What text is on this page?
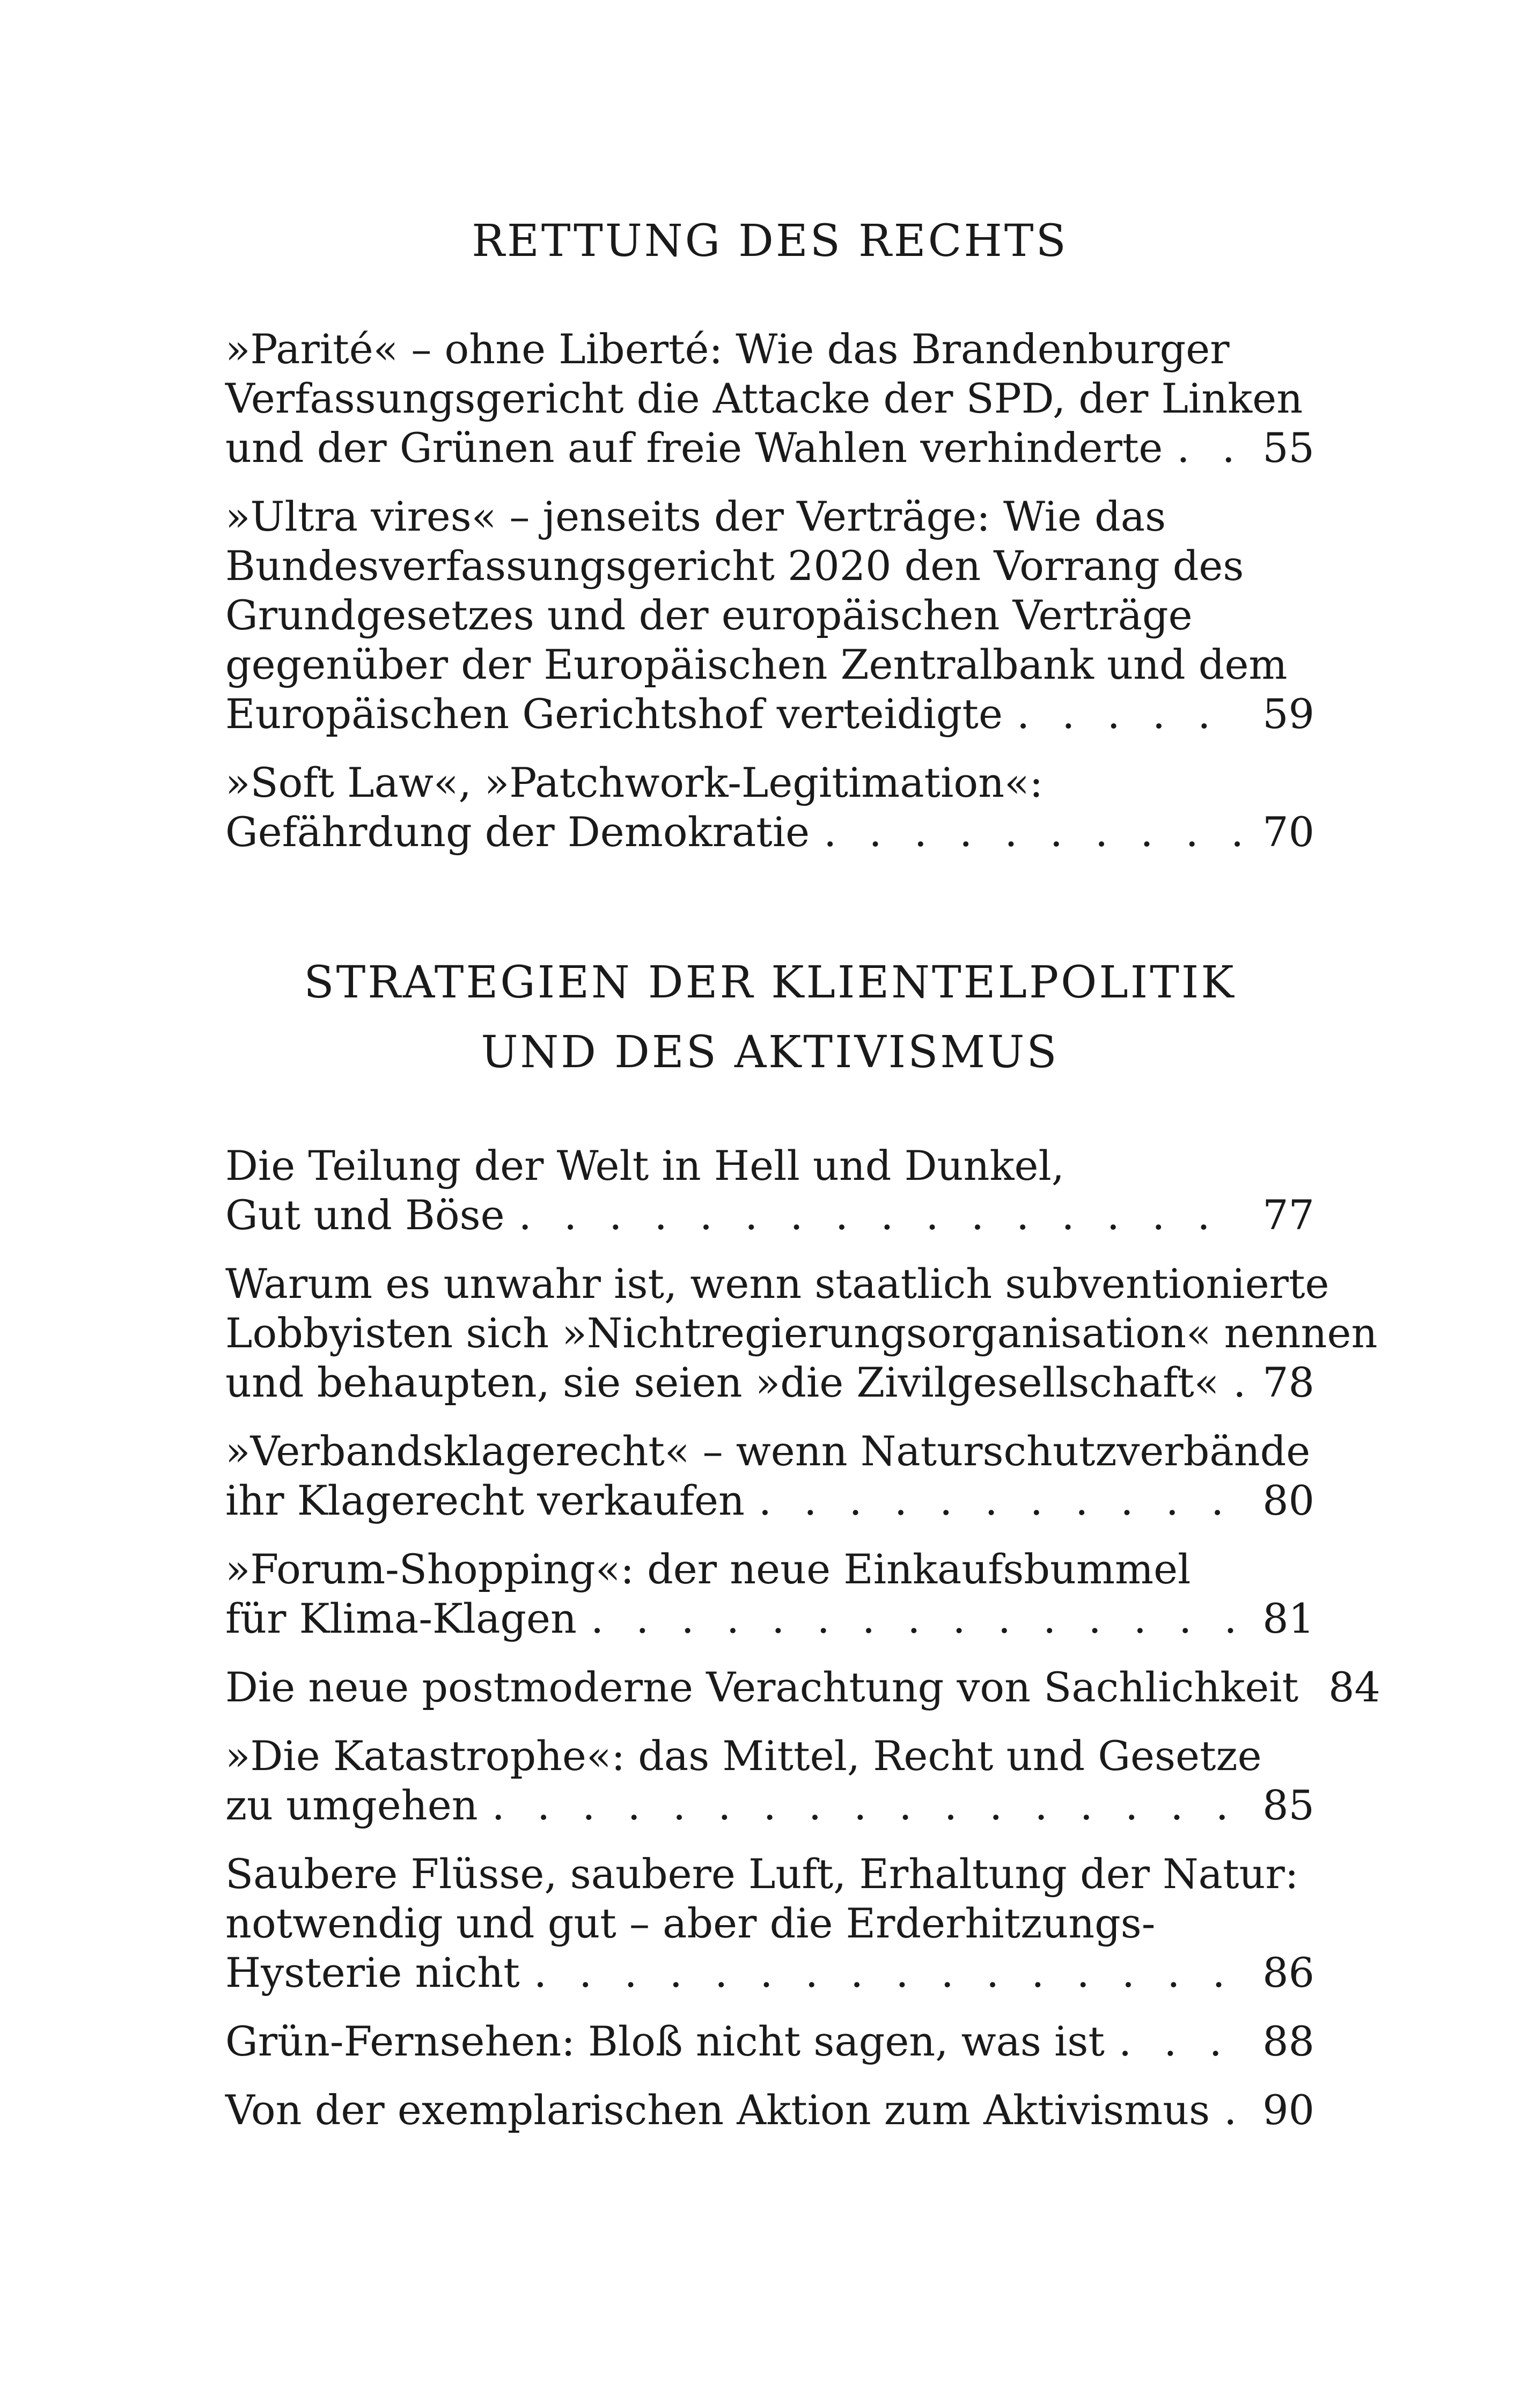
RETTUNG DES RECHTS
»Parité« – ohne Liberté: Wie das Brandenburger
Verfassungsgericht die Attacke der SPD, der Linken
und der Grünen auf freie Wahlen verhinderte . . . 55
»Ultra vires« – jenseits der Verträge: Wie das
Bundesverfassungsgericht 2020 den Vorrang des
Grundgesetzes und der europäischen Verträge
gegenüber der Europäischen Zentralbank und dem
Europäischen Gerichtshof verteidigte . . .	59
»Soft Law«, »Patchwork-Legitimation«:
Gefährdung der Demokratie . . .	70
STRATEGIEN DER KLIENTELPOLITIK
UND DES AKTIVISMUS
Die Teilung der Welt in Hell und Dunkel,
Gut und Böse . . .	77
Warum es unwahr ist, wenn staatlich subventionierte
Lobbyisten sich »Nichtregierungsorganisation« nennen
und behaupten, sie seien »die Zivilgesellschaft« . . . 78
»Verbandsklagerecht« – wenn Naturschutzverbände
ihr Klagerecht verkaufen . . .	80
»Forum-Shopping«: der neue Einkaufsbummel
für Klima-Klagen . . .	81
Die neue postmoderne Verachtung von Sachlichkeit 84
»Die Katastrophe«: das Mittel, Recht und Gesetze
zu umgehen . . .	85
Saubere Flüsse, saubere Luft, Erhaltung der Natur:
notwendig und gut – aber die Erderhitzungs-
Hysterie nicht . . .	86
Grün-Fernsehen: Bloß nicht sagen, was ist . . .	88
Von der exemplarischen Aktion zum Aktivismus . . . 90
